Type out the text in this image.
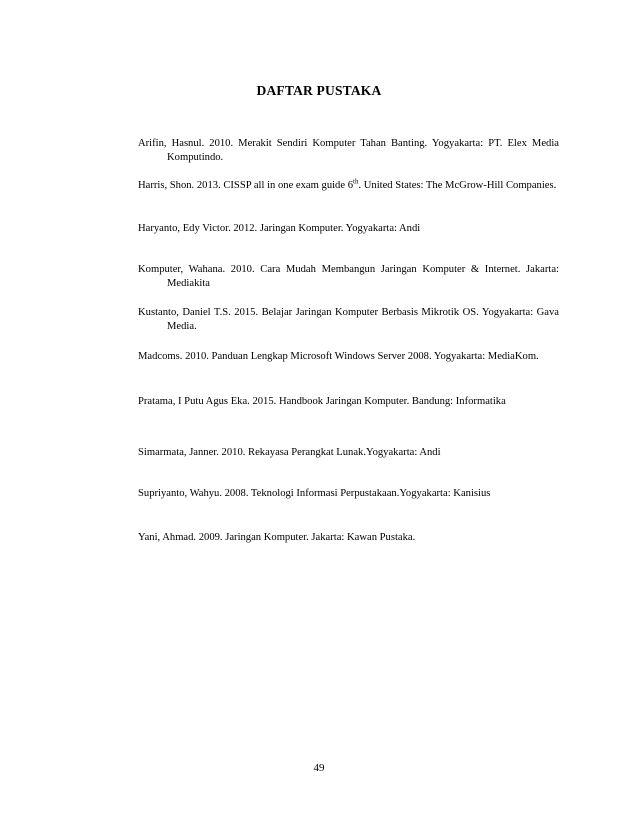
DAFTAR PUSTAKA
Arifin, Hasnul. 2010. Merakit Sendiri Komputer Tahan Banting. Yogyakarta: PT. Elex Media Komputindo.
Harris, Shon. 2013. CISSP all in one exam guide 6th. United States: The McGrow-Hill Companies.
Haryanto, Edy Victor. 2012. Jaringan Komputer. Yogyakarta: Andi
Komputer, Wahana. 2010. Cara Mudah Membangun Jaringan Komputer & Internet. Jakarta: Mediakita
Kustanto, Daniel T.S. 2015. Belajar Jaringan Komputer Berbasis Mikrotik OS. Yogyakarta: Gava Media.
Madcoms. 2010. Panduan Lengkap Microsoft Windows Server 2008. Yogyakarta: MediaKom.
Pratama, I Putu Agus Eka. 2015. Handbook Jaringan Komputer. Bandung: Informatika
Simarmata, Janner. 2010. Rekayasa Perangkat Lunak.Yogyakarta: Andi
Supriyanto, Wahyu. 2008. Teknologi Informasi Perpustakaan.Yogyakarta: Kanisius
Yani, Ahmad. 2009. Jaringan Komputer. Jakarta: Kawan Pustaka.
49
